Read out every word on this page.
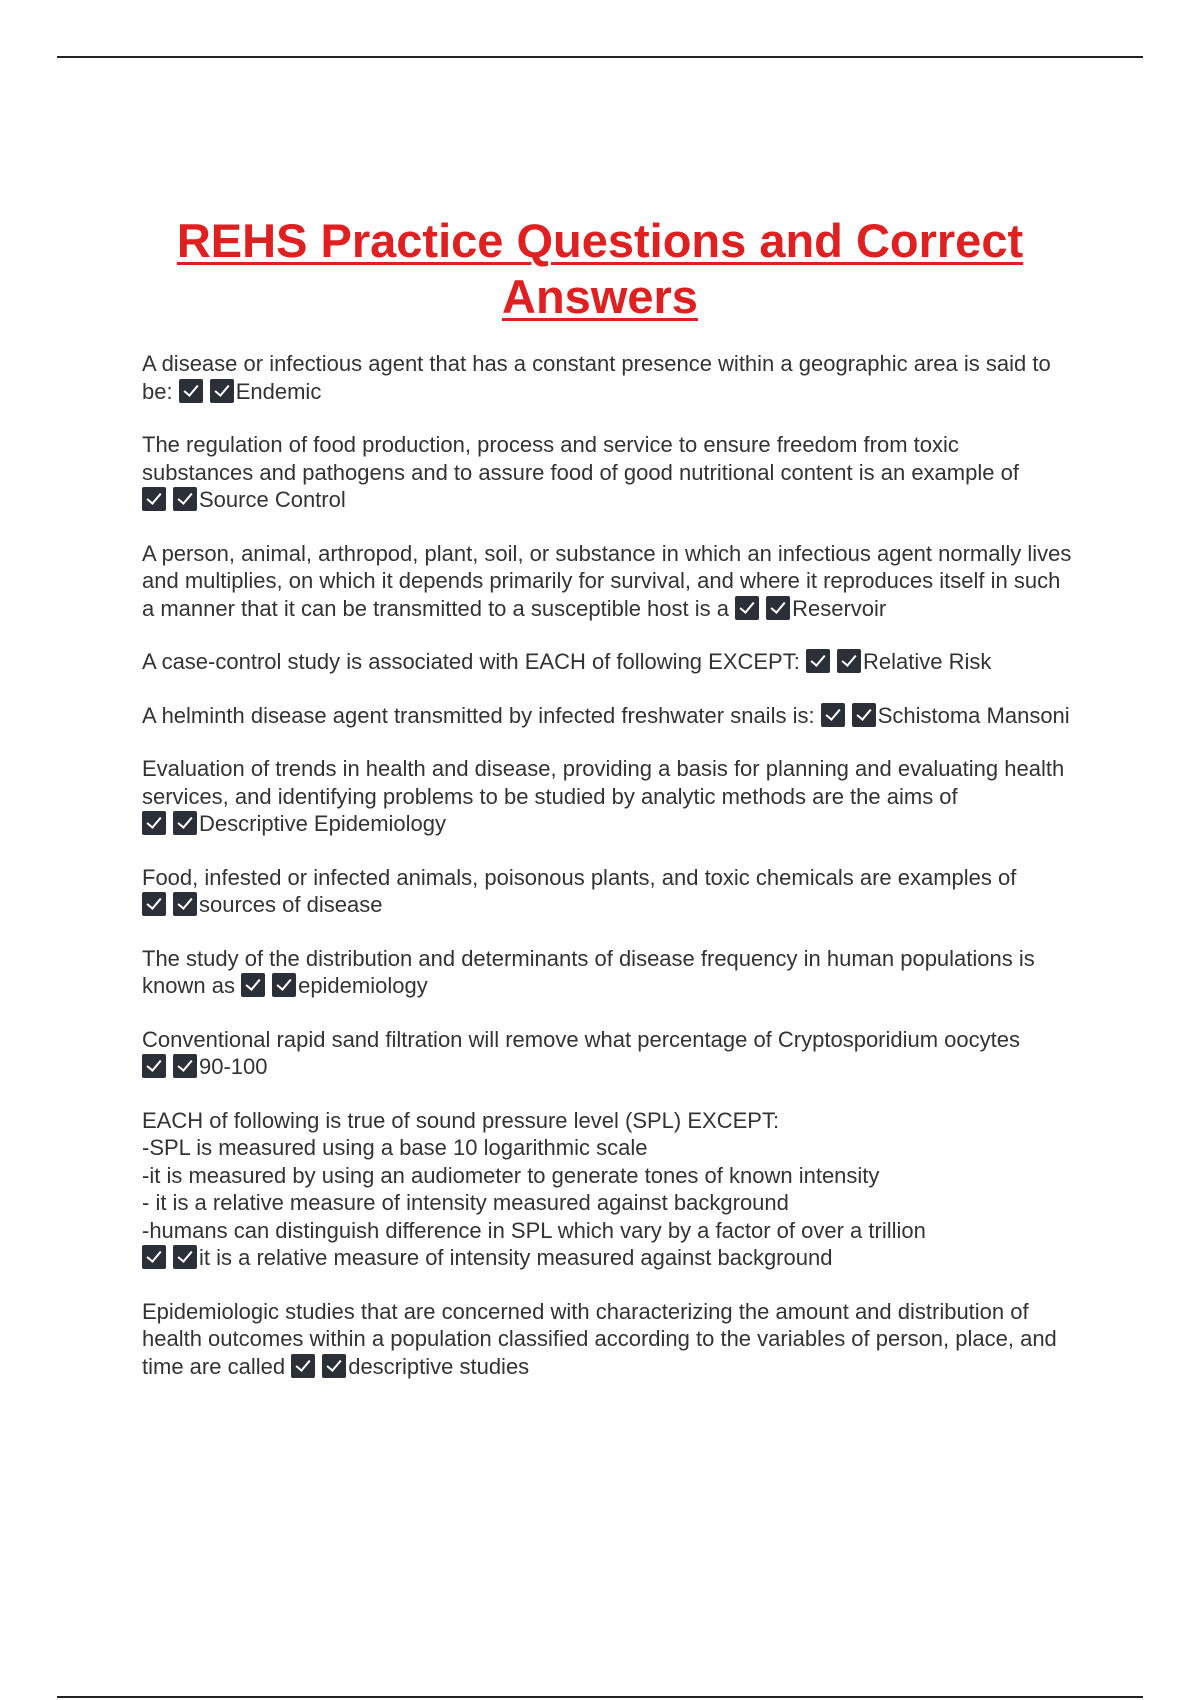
REHS Practice Questions and Correct Answers
A disease or infectious agent that has a constant presence within a geographic area is said to be:	Endemic
The regulation of food production, process and service to ensure freedom from toxic substances and pathogens and to assure food of good nutritional content is an example of Source Control
A person, animal, arthropod, plant, soil, or substance in which an infectious agent normally lives and multiplies, on which it depends primarily for survival, and where it reproduces itself in such a manner that it can be transmitted to a susceptible host is a	Reservoir
A case-control study is associated with EACH of following EXCEPT:	Relative Risk
A helminth disease agent transmitted by infected freshwater snails is:	Schistoma Mansoni
Evaluation of trends in health and disease, providing a basis for planning and evaluating health services, and identifying problems to be studied by analytic methods are the aims of Descriptive Epidemiology
Food, infested or infected animals, poisonous plants, and toxic chemicals are examples of sources of disease
The study of the distribution and determinants of disease frequency in human populations is known as	epidemiology
Conventional rapid sand filtration will remove what percentage of Cryptosporidium oocytes 90-100
EACH of following is true of sound pressure level (SPL) EXCEPT:
-SPL is measured using a base 10 logarithmic scale
-it is measured by using an audiometer to generate tones of known intensity
- it is a relative measure of intensity measured against background
-humans can distinguish difference in SPL which vary by a factor of over a trillion
it is a relative measure of intensity measured against background
Epidemiologic studies that are concerned with characterizing the amount and distribution of health outcomes within a population classified according to the variables of person, place, and time are called	descriptive studies
